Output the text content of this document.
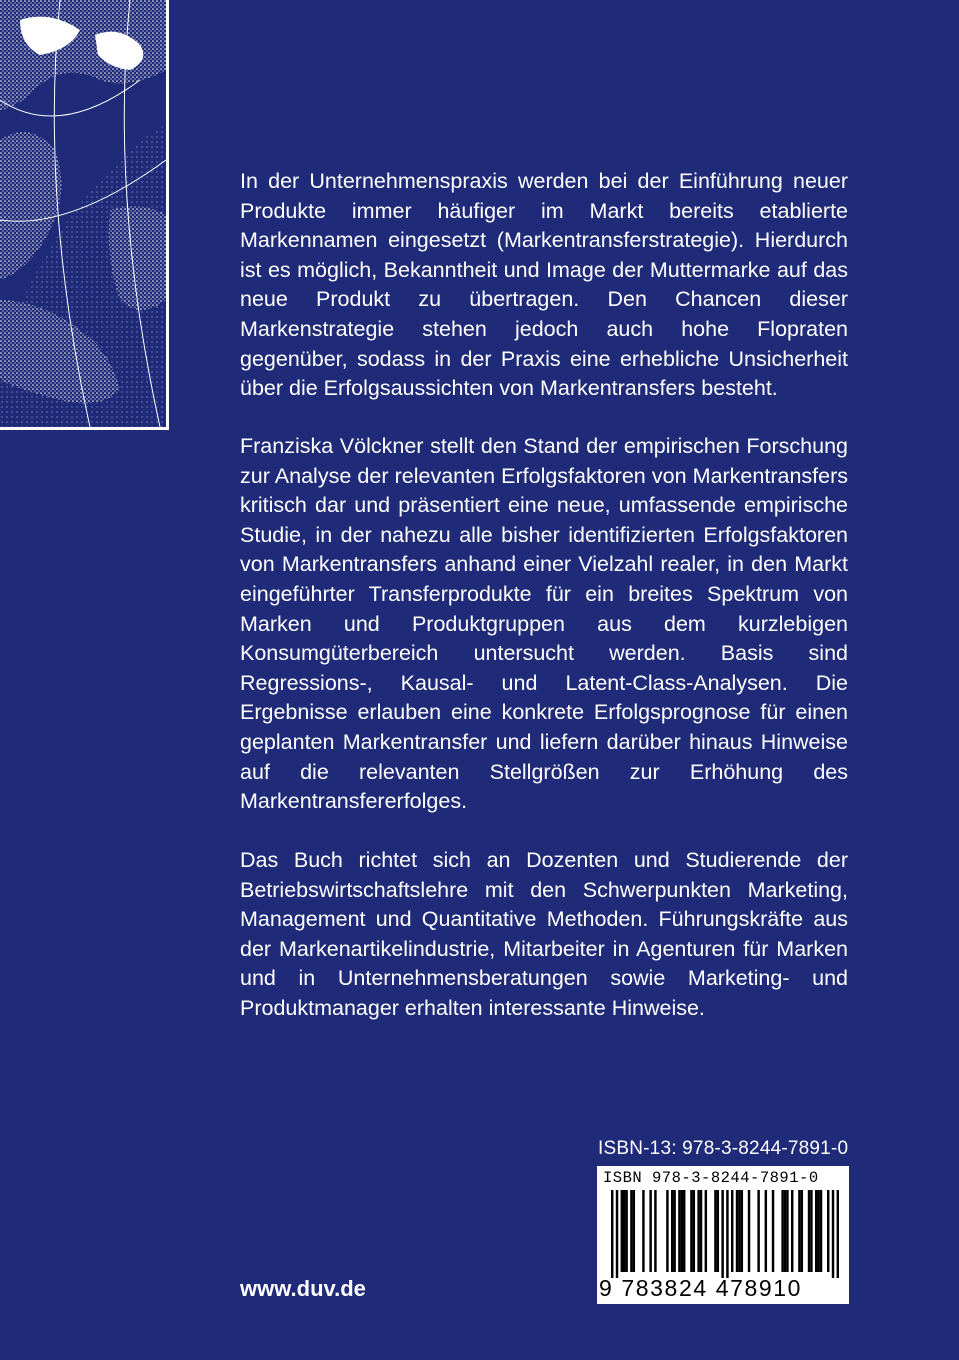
In der Unternehmenspraxis werden bei der Einführung neuer Produkte immer häufiger im Markt bereits etablierte Markennamen eingesetzt (Markentransferstrategie). Hierdurch ist es möglich, Bekanntheit und Image der Muttermarke auf das neue Produkt zu übertragen. Den Chancen dieser Markenstrategie stehen jedoch auch hohe Flopraten gegenüber, sodass in der Praxis eine erhebliche Unsicherheit über die Erfolgsaussichten von Markentransfers besteht.
Franziska Völckner stellt den Stand der empirischen Forschung zur Analyse der relevanten Erfolgsfaktoren von Markentransfers kritisch dar und präsentiert eine neue, umfassende empirische Studie, in der nahezu alle bisher identifizierten Erfolgsfaktoren von Markentransfers anhand einer Vielzahl realer, in den Markt eingeführter Transferprodukte für ein breites Spektrum von Marken und Produktgruppen aus dem kurzlebigen Konsumgüterbereich untersucht werden. Basis sind Regressions-, Kausal- und Latent-Class-Analysen. Die Ergebnisse erlauben eine konkrete Erfolgsprognose für einen geplanten Markentransfer und liefern darüber hinaus Hinweise auf die relevanten Stellgrößen zur Erhöhung des Markentransfererfolges.
Das Buch richtet sich an Dozenten und Studierende der Betriebswirtschaftslehre mit den Schwerpunkten Marketing, Management und Quantitative Methoden. Führungskräfte aus der Markenartikelindustrie, Mitarbeiter in Agenturen für Marken und in Unternehmensberatungen sowie Marketing- und Produktmanager erhalten interessante Hinweise.
ISBN-13: 978-3-8244-7891-0
ISBN 978-3-8244-7891-0
9 783824 478910
www.duv.de
